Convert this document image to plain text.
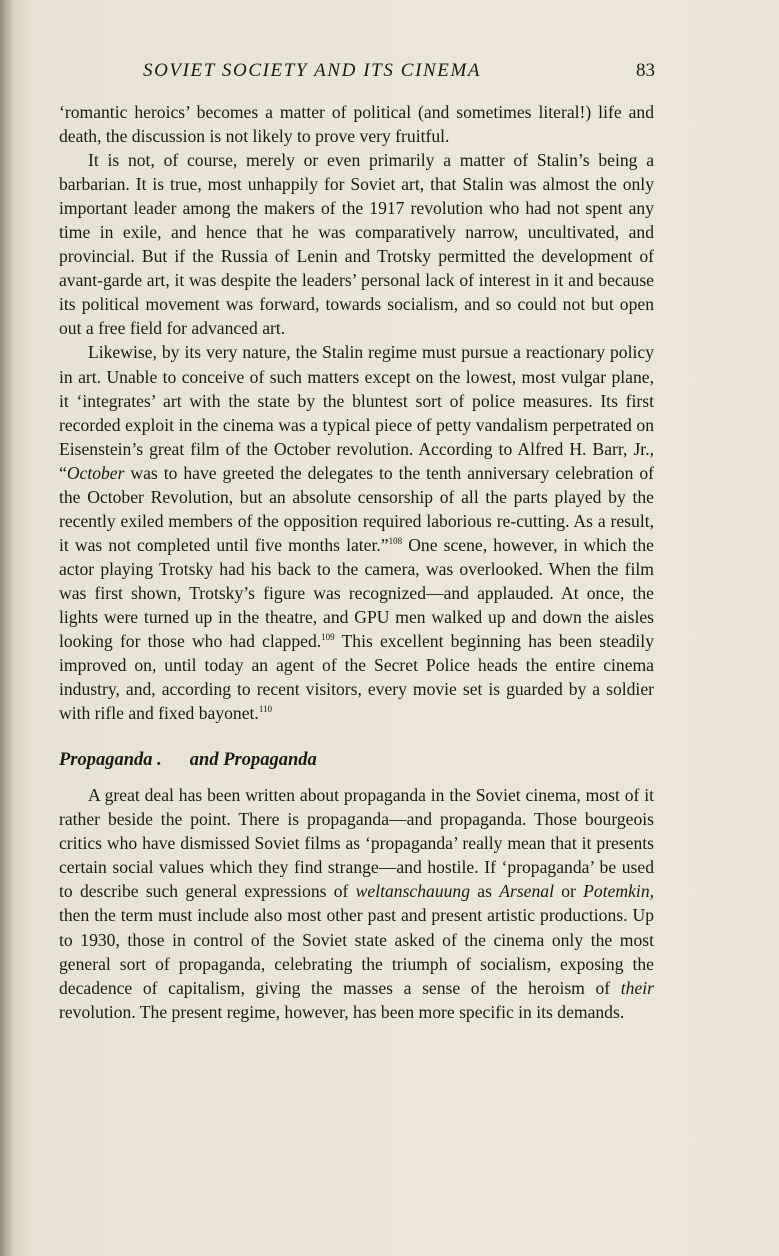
SOVIET SOCIETY AND ITS CINEMA	83

‘romantic heroics’ becomes a matter of political (and sometimes literal!) life and death, the discussion is not likely to prove very fruitful.

It is not, of course, merely or even primarily a matter of Stalin’s being a barbarian. It is true, most unhappily for Soviet art, that Stalin was almost the only important leader among the makers of the 1917 revolution who had not spent any time in exile, and hence that he was comparatively narrow, uncultivated, and provincial. But if the Russia of Lenin and Trotsky permitted the development of avant-garde art, it was despite the leaders’ personal lack of interest in it and because its political movement was forward, towards socialism, and so could not but open out a free field for advanced art.

Likewise, by its very nature, the Stalin regime must pursue a reactionary policy in art. Unable to conceive of such matters except on the lowest, most vulgar plane, it ‘integrates’ art with the state by the bluntest sort of police measures. Its first recorded exploit in the cinema was a typical piece of petty vandalism perpetrated on Eisenstein’s great film of the October revolution. According to Alfred H. Barr, Jr., “October was to have greeted the delegates to the tenth anniversary celebration of the October Revolution, but an absolute censorship of all the parts played by the recently exiled members of the opposition required laborious re-cutting. As a result, it was not completed until five months later.”$^{108}$ One scene, however, in which the actor playing Trotsky had his back to the camera, was overlooked. When the film was first shown, Trotsky’s figure was recognized—and applauded. At once, the lights were turned up in the theatre, and GPU men walked up and down the aisles looking for those who had clapped.$^{109}$ This excellent beginning has been steadily improved on, until today an agent of the Secret Police heads the entire cinema industry, and, according to recent visitors, every movie set is guarded by a soldier with rifle and fixed bayonet.$^{110}$

Propaganda . and Propaganda

A great deal has been written about propaganda in the Soviet cinema, most of it rather beside the point. There is propaganda—and propaganda. Those bourgeois critics who have dismissed Soviet films as ‘propaganda’ really mean that it presents certain social values which they find strange—and hostile. If ‘propaganda’ be used to describe such general expressions of weltanschauung as Arsenal or Potemkin, then the term must include also most other past and present artistic productions. Up to 1930, those in control of the Soviet state asked of the cinema only the most general sort of propaganda, celebrating the triumph of socialism, exposing the decadence of capitalism, giving the masses a sense of the heroism of their revolution. The present regime, however, has been more specific in its demands.
